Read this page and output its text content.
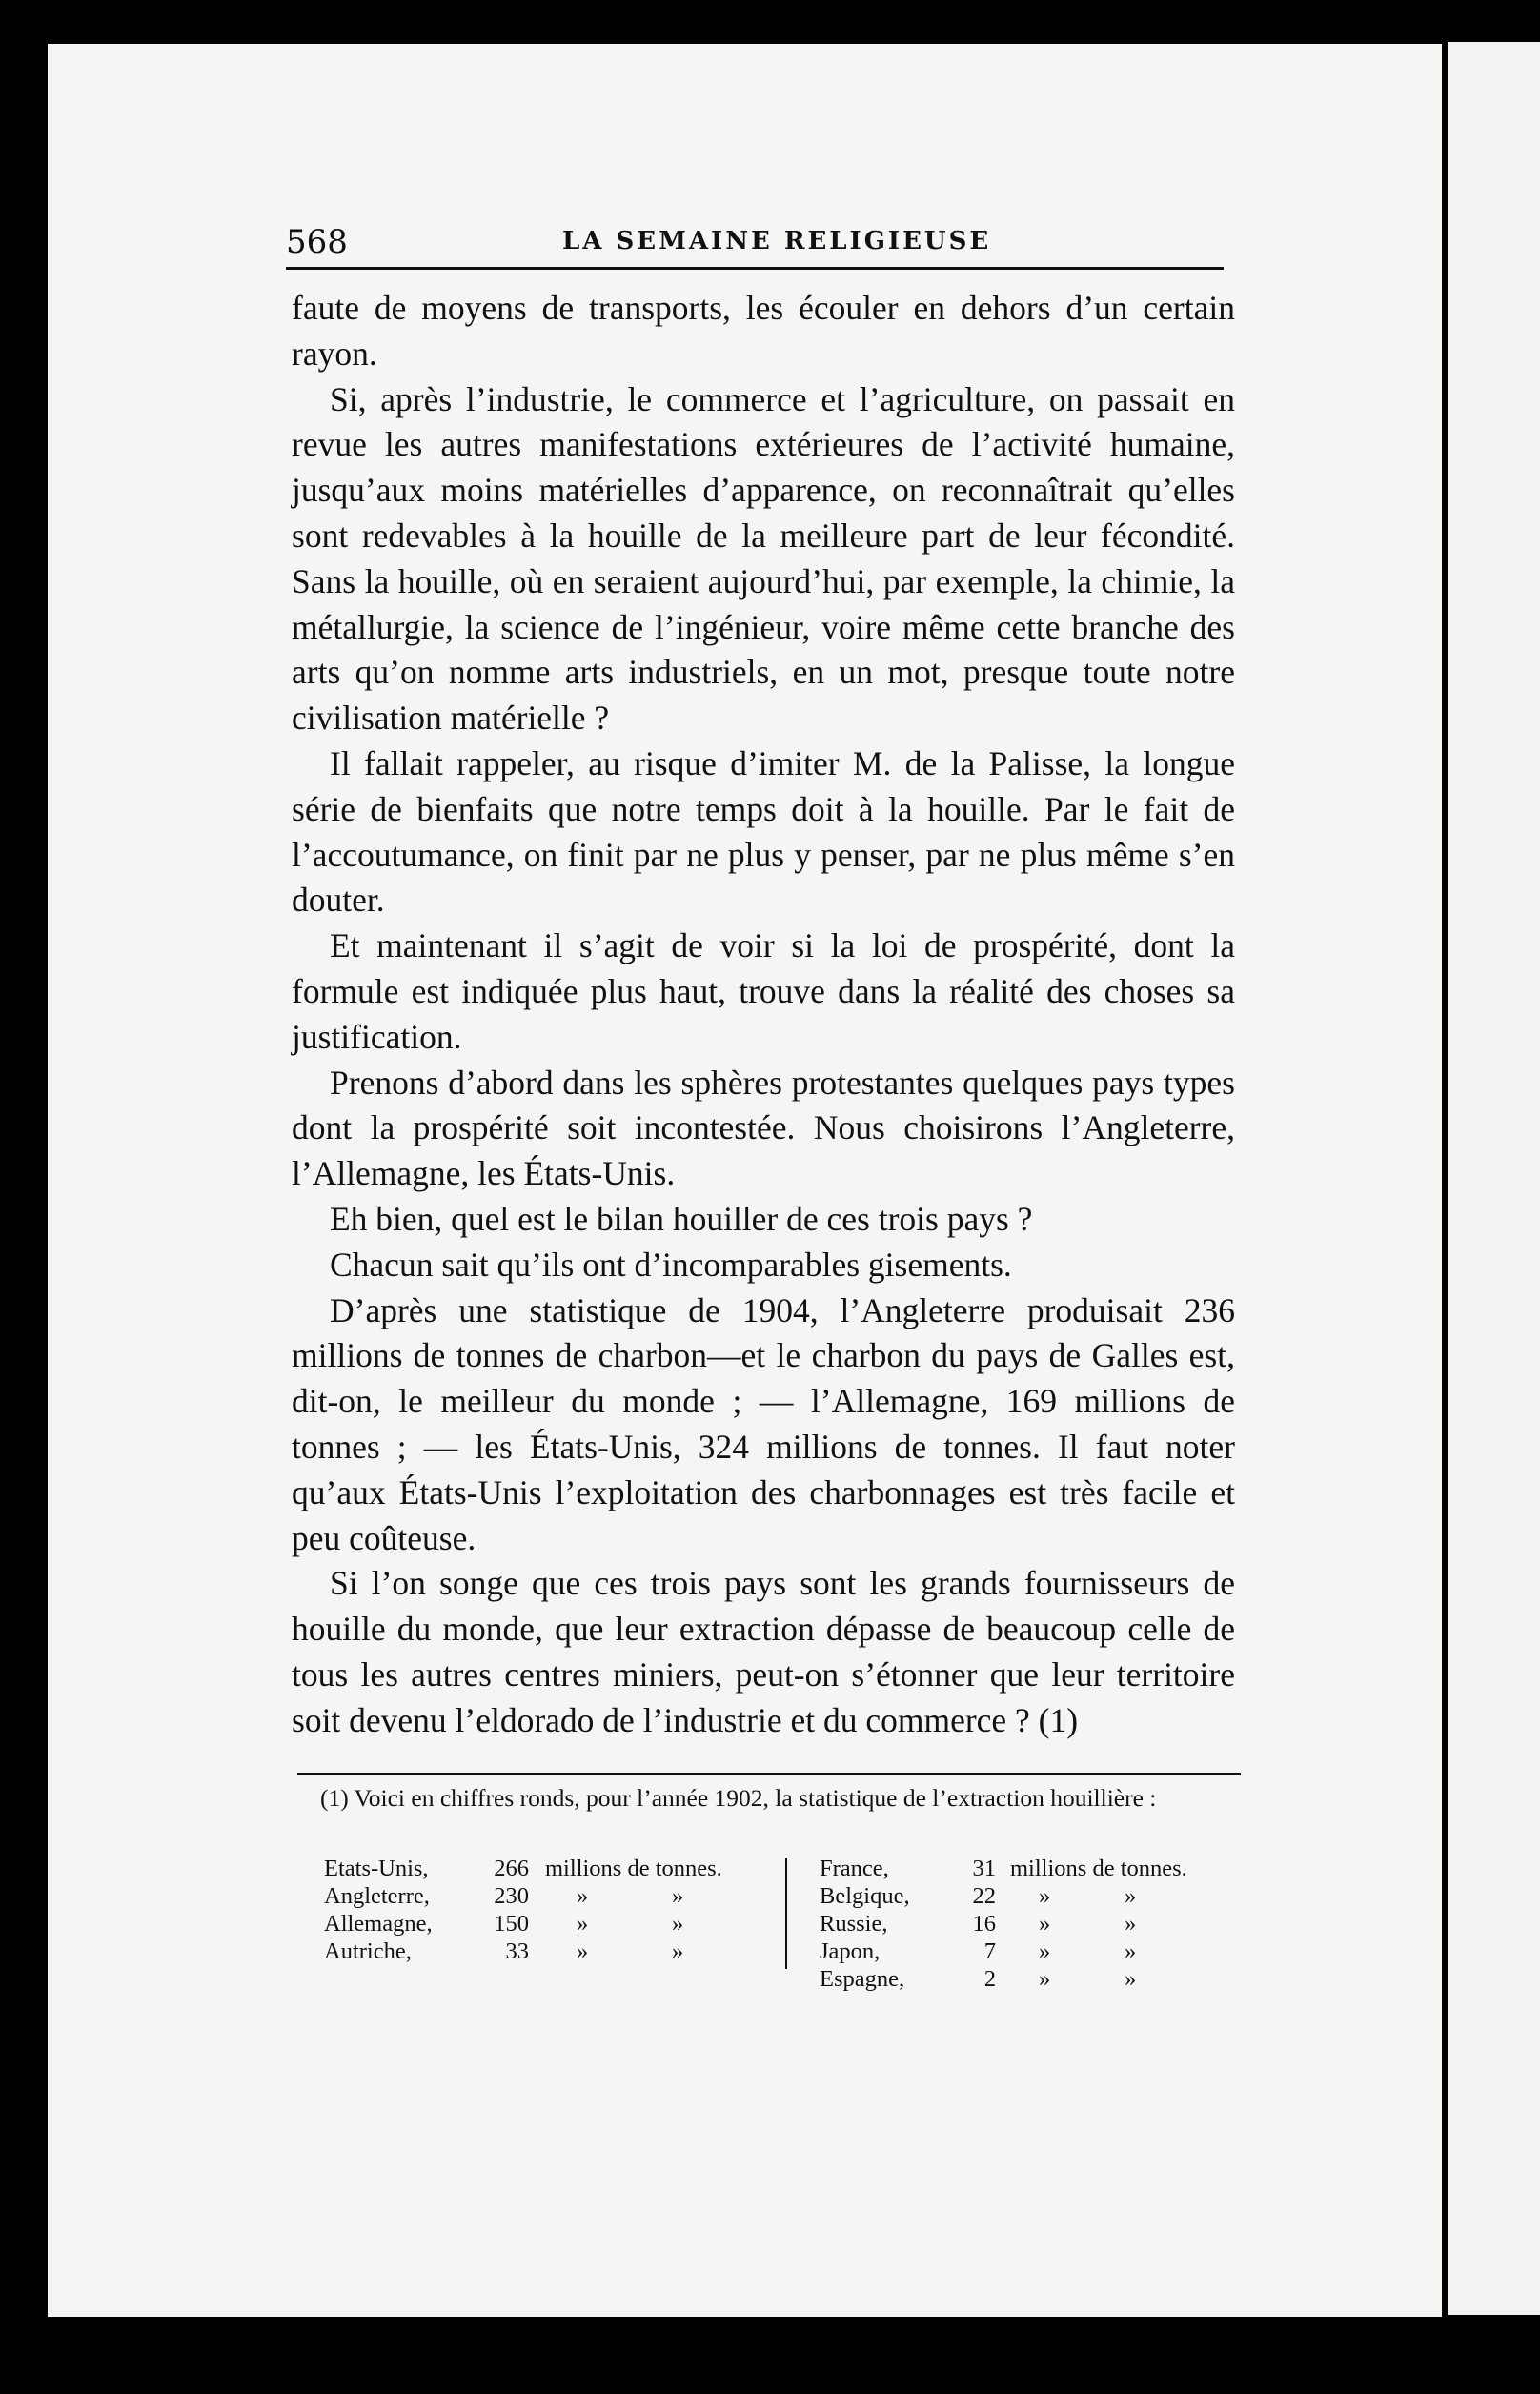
568	LA SEMAINE RELIGIEUSE

faute de moyens de transports, les écouler en dehors d’un certain rayon.

Si, après l’industrie, le commerce et l’agriculture, on passait en revue les autres manifestations extérieures de l’activité humaine, jusqu’aux moins matérielles d’apparence, on reconnaîtrait qu’elles sont redevables à la houille de la meilleure part de leur fécondité. Sans la houille, où en seraient aujourd’hui, par exemple, la chimie, la métallurgie, la science de l’ingénieur, voire même cette branche des arts qu’on nomme arts industriels, en un mot, presque toute notre civilisation matérielle ?

Il fallait rappeler, au risque d’imiter M. de la Palisse, la longue série de bienfaits que notre temps doit à la houille. Par le fait de l’accoutumance, on finit par ne plus y penser, par ne plus même s’en douter.

Et maintenant il s’agit de voir si la loi de prospérité, dont la formule est indiquée plus haut, trouve dans la réalité des choses sa justification.

Prenons d’abord dans les sphères protestantes quelques pays types dont la prospérité soit incontestée. Nous choisirons l’Angleterre, l’Allemagne, les États-Unis.

Eh bien, quel est le bilan houiller de ces trois pays ?

Chacun sait qu’ils ont d’incomparables gisements.

D’après une statistique de 1904, l’Angleterre produisait 236 millions de tonnes de charbon—et le charbon du pays de Galles est, dit-on, le meilleur du monde ; — l’Allemagne, 169 millions de tonnes ; — les États-Unis, 324 millions de tonnes. Il faut noter qu’aux États-Unis l’exploitation des charbonnages est très facile et peu coûteuse.

Si l’on songe que ces trois pays sont les grands fournisseurs de houille du monde, que leur extraction dépasse de beaucoup celle de tous les autres centres miniers, peut-on s’étonner que leur territoire soit devenu l’eldorado de l’industrie et du commerce ? (1)

(1) Voici en chiffres ronds, pour l’année 1902, la statistique de l’extraction houillière :

Etats-Unis,	266 millions de tonnes.
Angleterre,	230 »	»
Allemagne,	150 »	»
Autriche,	33 »	»
France,	31 millions de tonnes.
Belgique,	22 »	»
Russie,	16 »	»
Japon,	7 »	»
Espagne,	2 »	»
